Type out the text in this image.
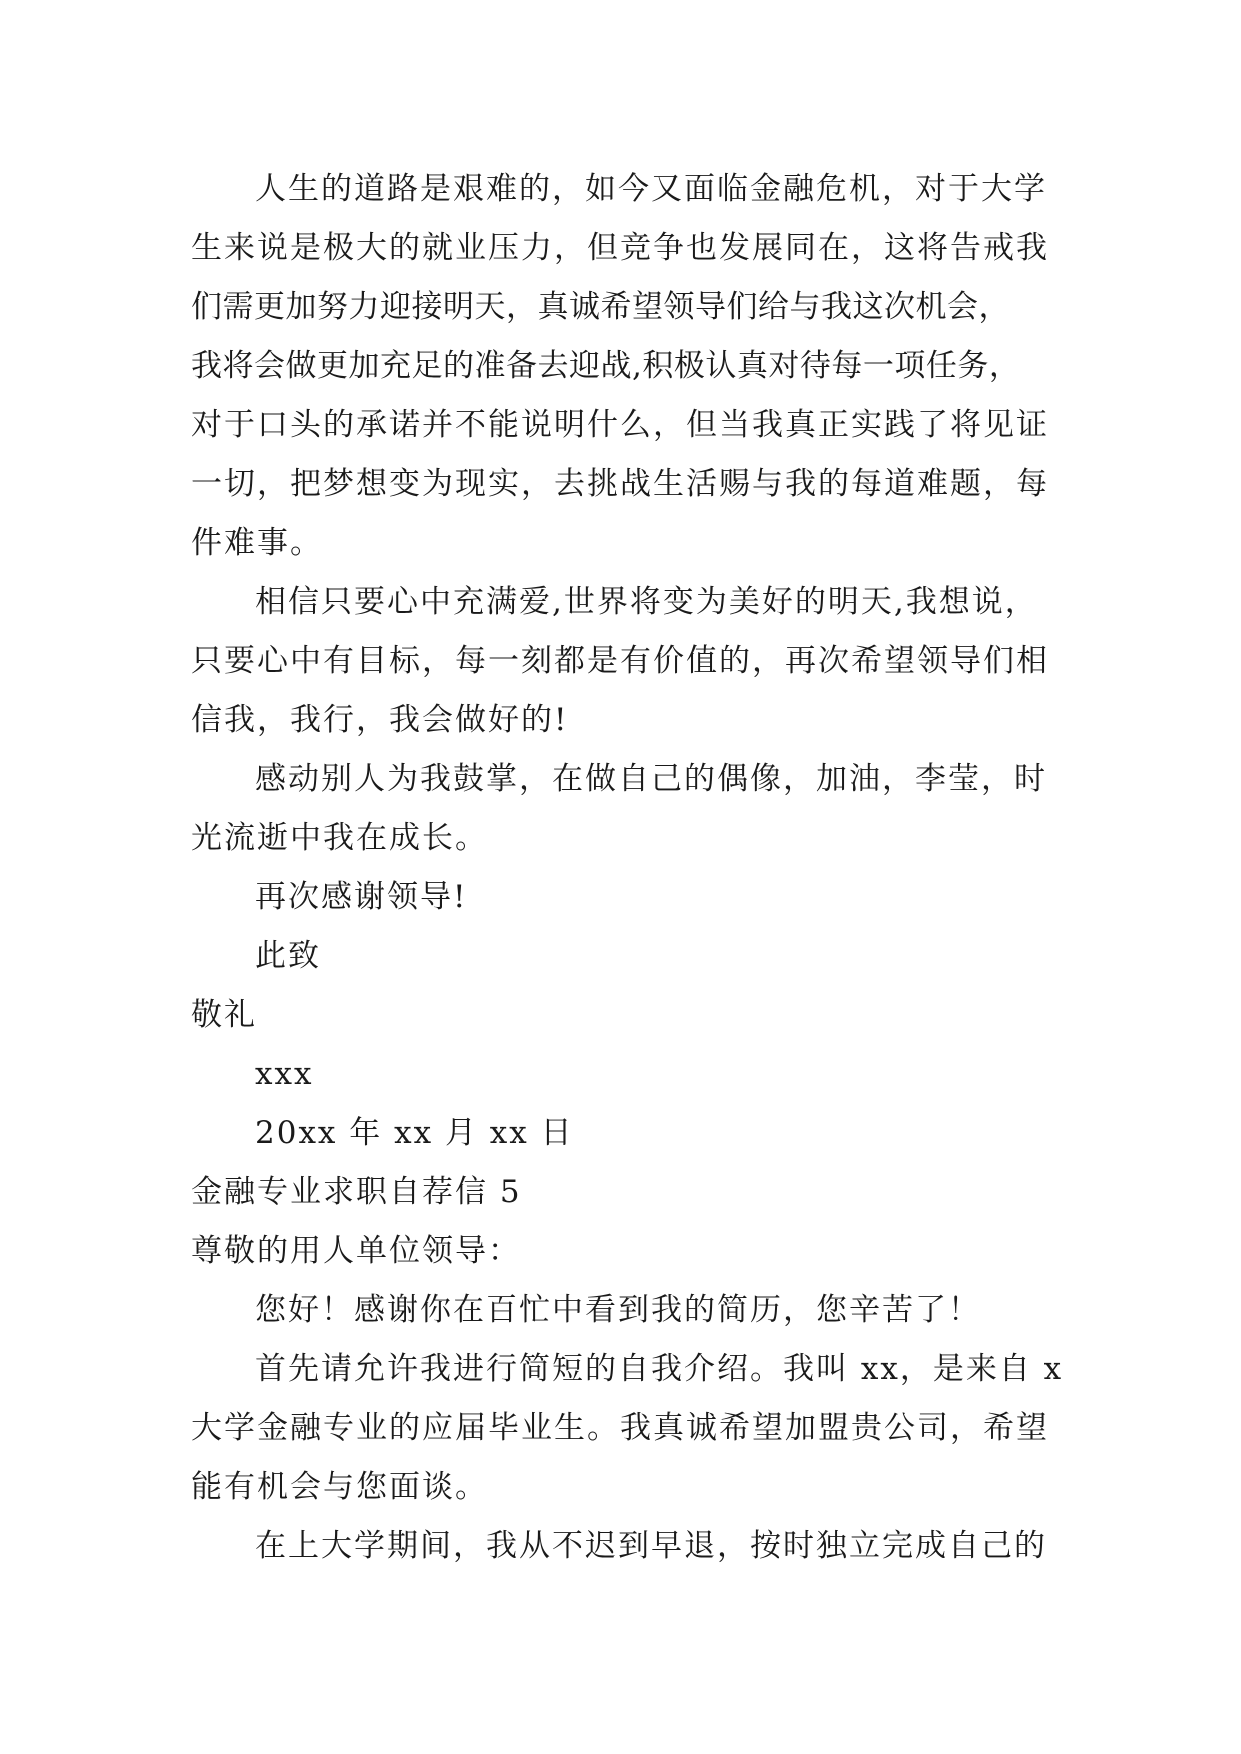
人生的道路是艰难的，如今又面临金融危机，对于大学
生来说是极大的就业压力，但竞争也发展同在，这将告戒我
们需更加努力迎接明天，真诚希望领导们给与我这次机会，
我将会做更加充足的准备去迎战,积极认真对待每一项任务，
对于口头的承诺并不能说明什么，但当我真正实践了将见证
一切，把梦想变为现实，去挑战生活赐与我的每道难题，每
件难事。
相信只要心中充满爱,世界将变为美好的明天,我想说，
只要心中有目标，每一刻都是有价值的，再次希望领导们相
信我，我行，我会做好的!
感动别人为我鼓掌，在做自己的偶像，加油，李莹，时
光流逝中我在成长。
再次感谢领导!
此致
敬礼
xxx
20xx 年 xx 月 xx 日
金融专业求职自荐信 5
尊敬的用人单位领导：
您好！感谢你在百忙中看到我的简历，您辛苦了！
首先请允许我进行简短的自我介绍。我叫 xx，是来自 x
大学金融专业的应届毕业生。我真诚希望加盟贵公司，希望
能有机会与您面谈。
在上大学期间，我从不迟到早退，按时独立完成自己的
